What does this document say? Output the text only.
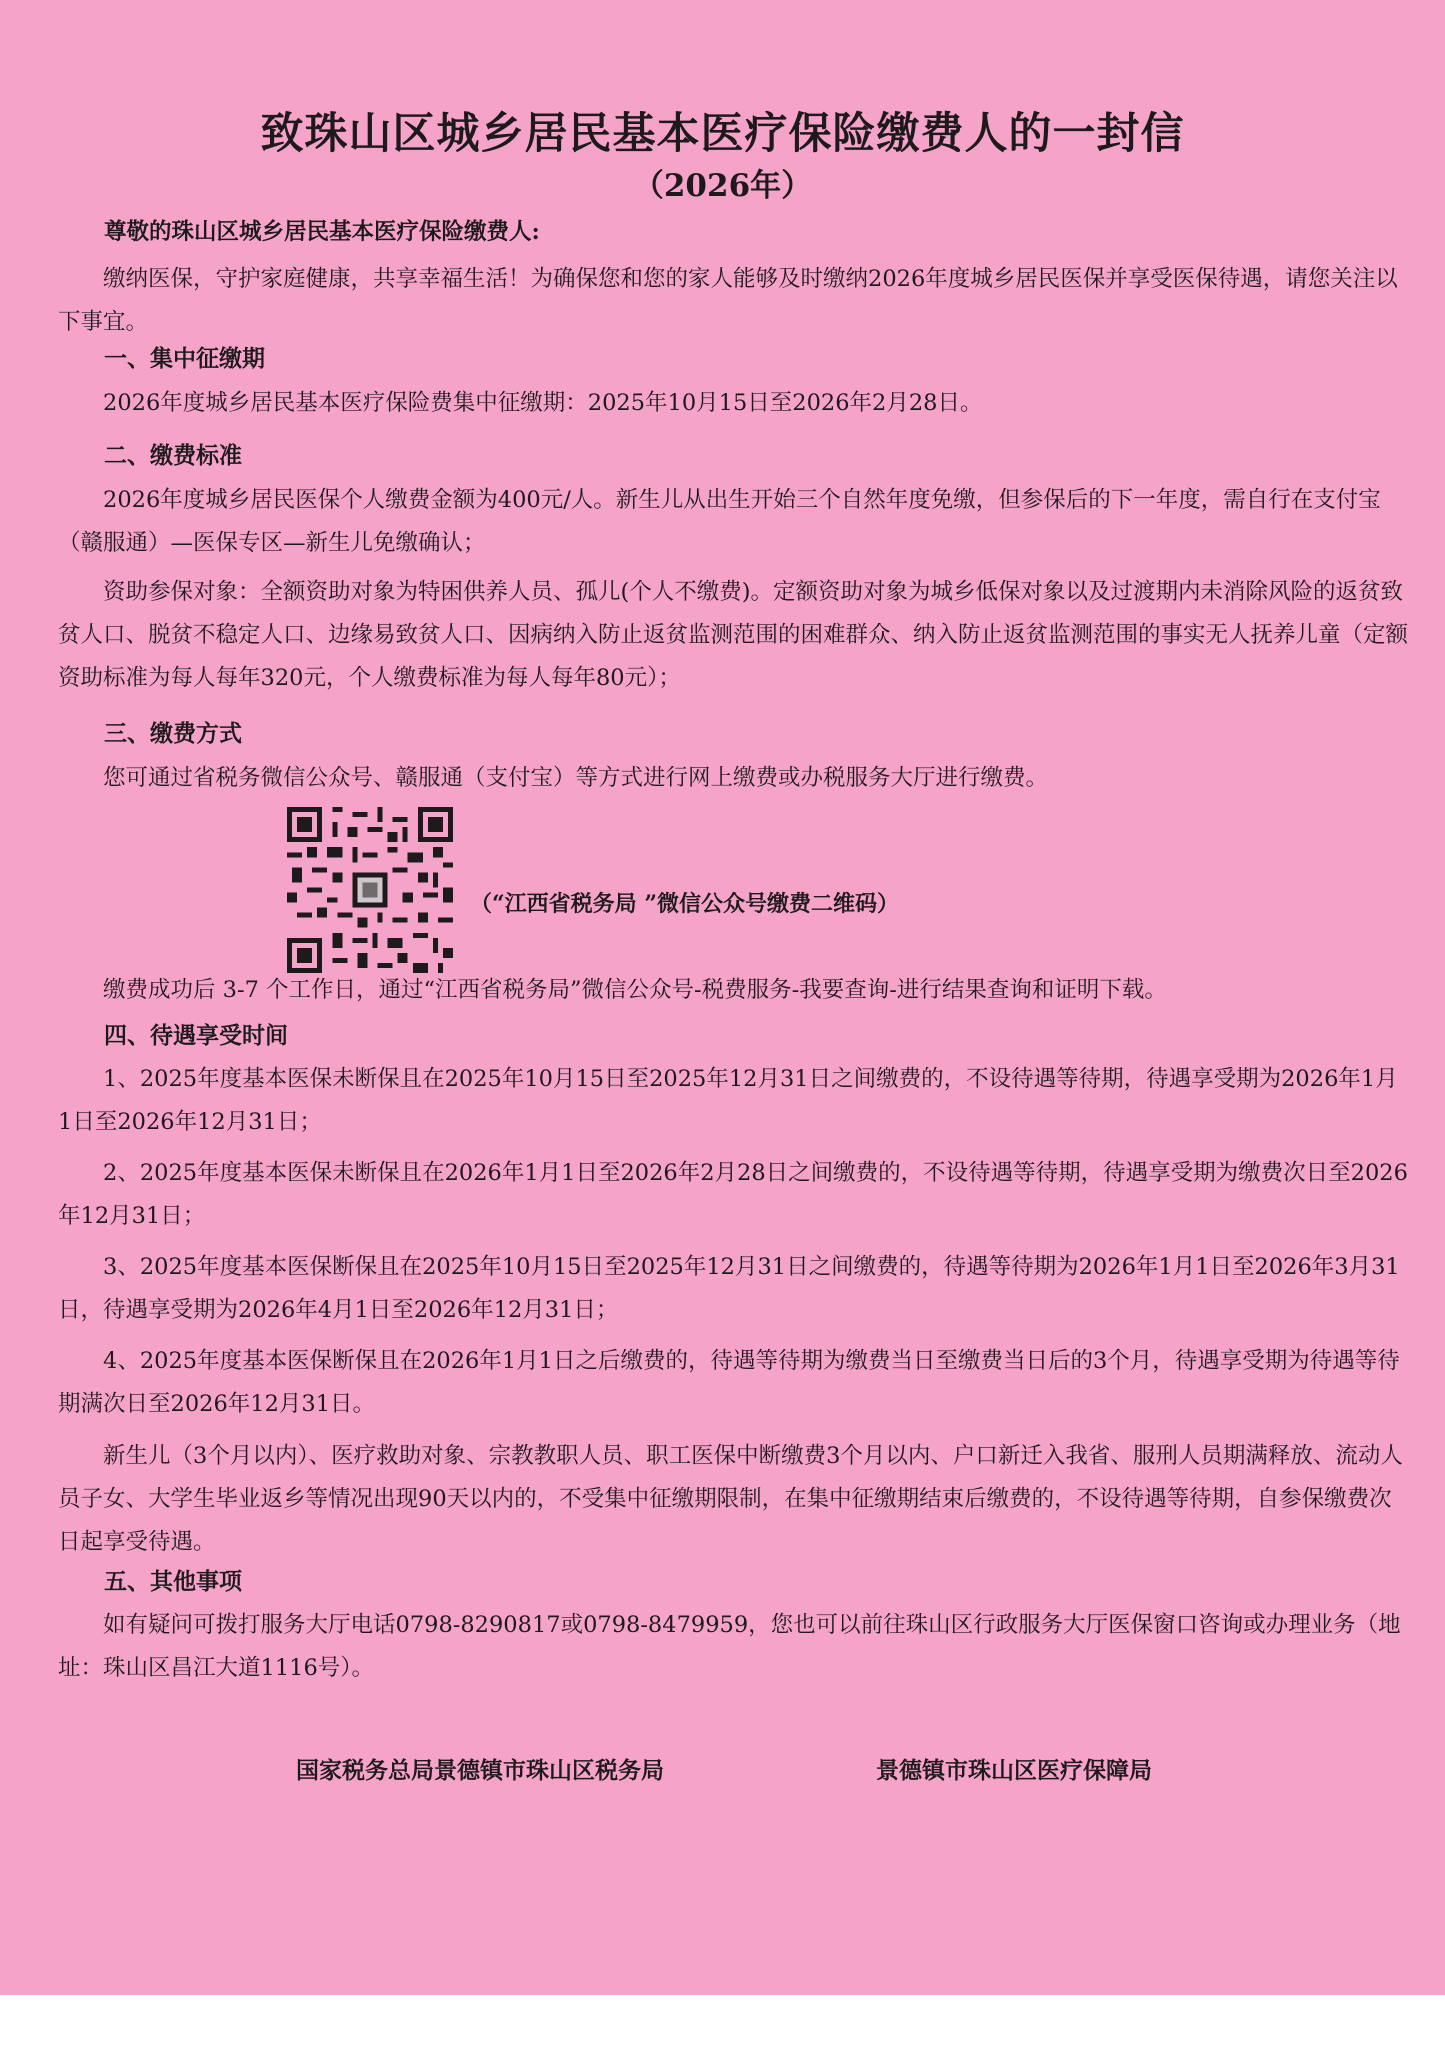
致珠山区城乡居民基本医疗保险缴费人的一封信
（2026年）
尊敬的珠山区城乡居民基本医疗保险缴费人:
缴纳医保，守护家庭健康，共享幸福生活！为确保您和您的家人能够及时缴纳2026年度城乡居民医保并享受医保待遇，请您关注以下事宜。
一、集中征缴期
2026年度城乡居民基本医疗保险费集中征缴期：2025年10月15日至2026年2月28日。
二、缴费标准
2026年度城乡居民医保个人缴费金额为400元/人。新生儿从出生开始三个自然年度免缴，但参保后的下一年度，需自行在支付宝（赣服通）—医保专区—新生儿免缴确认；
资助参保对象：全额资助对象为特困供养人员、孤儿(个人不缴费)。定额资助对象为城乡低保对象以及过渡期内未消除风险的返贫致贫人口、脱贫不稳定人口、边缘易致贫人口、因病纳入防止返贫监测范围的困难群众、纳入防止返贫监测范围的事实无人抚养儿童（定额资助标准为每人每年320元，个人缴费标准为每人每年80元）；
三、缴费方式
您可通过省税务微信公众号、赣服通（支付宝）等方式进行网上缴费或办税服务大厅进行缴费。
（“江西省税务局 ”微信公众号缴费二维码）
缴费成功后 3-7 个工作日，通过“江西省税务局”微信公众号-税费服务-我要查询-进行结果查询和证明下载。
四、待遇享受时间
1、2025年度基本医保未断保且在2025年10月15日至2025年12月31日之间缴费的，不设待遇等待期，待遇享受期为2026年1月1日至2026年12月31日；
2、2025年度基本医保未断保且在2026年1月1日至2026年2月28日之间缴费的，不设待遇等待期，待遇享受期为缴费次日至2026年12月31日；
3、2025年度基本医保断保且在2025年10月15日至2025年12月31日之间缴费的，待遇等待期为2026年1月1日至2026年3月31日，待遇享受期为2026年4月1日至2026年12月31日；
4、2025年度基本医保断保且在2026年1月1日之后缴费的，待遇等待期为缴费当日至缴费当日后的3个月，待遇享受期为待遇等待期满次日至2026年12月31日。
新生儿（3个月以内）、医疗救助对象、宗教教职人员、职工医保中断缴费3个月以内、户口新迁入我省、服刑人员期满释放、流动人员子女、大学生毕业返乡等情况出现90天以内的，不受集中征缴期限制，在集中征缴期结束后缴费的，不设待遇等待期，自参保缴费次日起享受待遇。
五、其他事项
如有疑问可拨打服务大厅电话0798-8290817或0798-8479959，您也可以前往珠山区行政服务大厅医保窗口咨询或办理业务（地址：珠山区昌江大道1116号）。
国家税务总局景德镇市珠山区税务局	景德镇市珠山区医疗保障局
